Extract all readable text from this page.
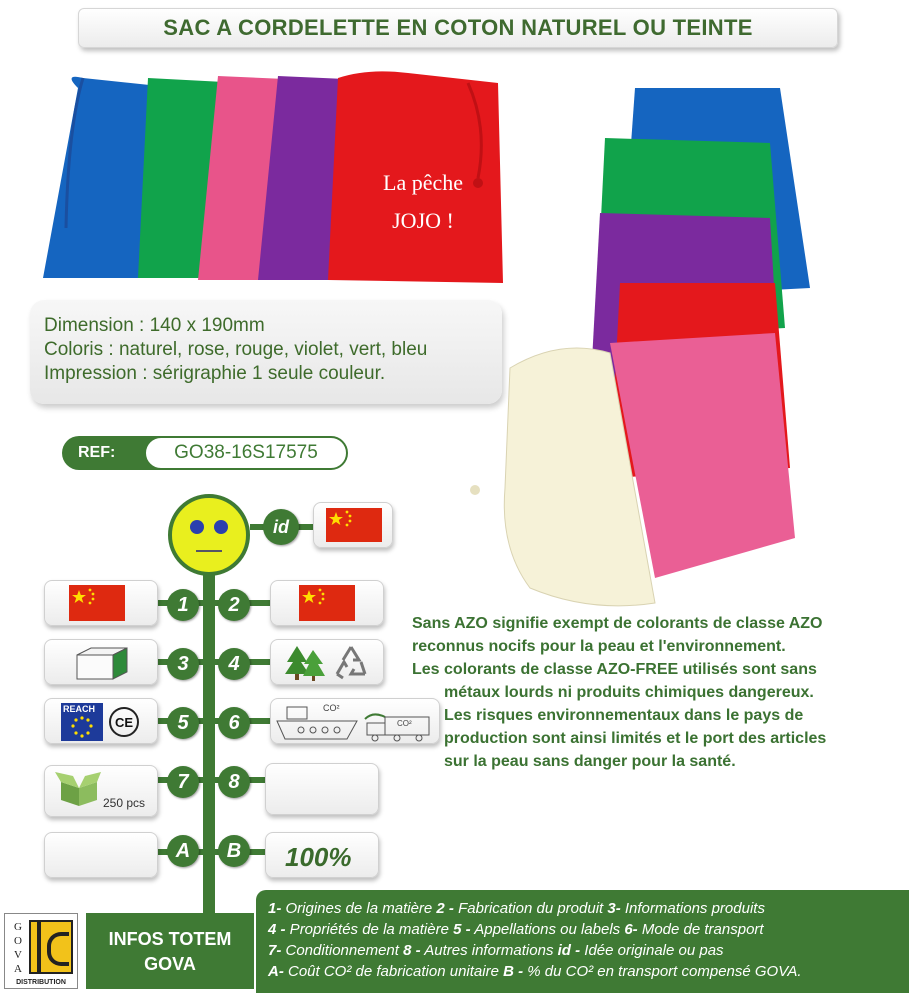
SAC A CORDELETTE EN COTON NATUREL OU TEINTE
La pêche
JOJO !
Dimension : 140 x 190mm
Coloris : naturel, rose, rouge, violet, vert, bleu
Impression : sérigraphie 1 seule couleur.
REF:	GO38-16S17575
id
1	2
3	4
REACH
CE	5	6
CO²
CO²
250 pcs
7	8
A	B	100%
Sans AZO signifie exempt de colorants de classe AZO
reconnus nocifs pour la peau et l'environnement.
Les colorants de classe AZO-FREE utilisés sont sans
métaux lourds ni produits chimiques dangereux.
Les risques environnementaux dans le pays de
production sont ainsi limités et le port des articles
sur la peau sans danger pour la santé.
G
O
V
A
DISTRIBUTION
INFOS TOTEM GOVA
1- Origines de la matière 2 - Fabrication du produit 3- Informations produits
4 - Propriétés de la matière 5 - Appellations ou labels 6- Mode de transport
7- Conditionnement 8 - Autres informations id - Idée originale ou pas
A- Coût CO² de fabrication unitaire B - % du CO² en transport compensé GOVA.
